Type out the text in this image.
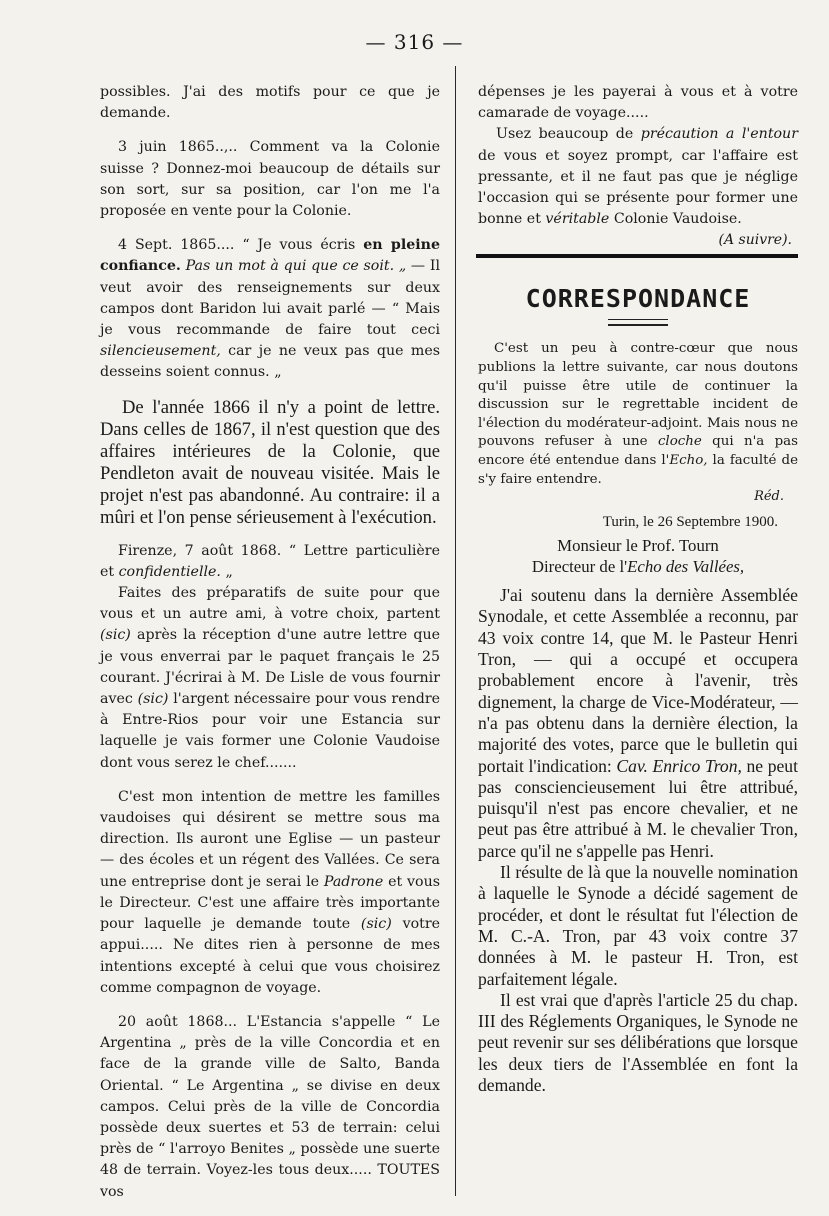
— 316 —

possibles. J'ai des motifs pour ce que je demande.

3 juin 1865..,.. Comment va la Colonie suisse ? Donnez-moi beaucoup de détails sur son sort, sur sa position, car l'on me l'a proposée en vente pour la Colonie.

4 Sept. 1865.... “ Je vous écris en pleine confiance. Pas un mot à qui que ce soit. „ — Il veut avoir des renseignements sur deux campos dont Baridon lui avait parlé — “ Mais je vous recommande de faire tout ceci silencieusement, car je ne veux pas que mes desseins soient connus. „

De l'année 1866 il n'y a point de lettre. Dans celles de 1867, il n'est question que des affaires intérieures de la Colonie, que Pendleton avait de nouveau visitée. Mais le projet n'est pas abandonné. Au contraire: il a mûri et l'on pense sérieusement à l'exécution.

Firenze, 7 août 1868. “ Lettre particulière et confidentielle. „

Faites des préparatifs de suite pour que vous et un autre ami, à votre choix, partent (sic) après la réception d'une autre lettre que je vous enverrai par le paquet français le 25 courant. J'écrirai à M. De Lisle de vous fournir avec (sic) l'argent nécessaire pour vous rendre à Entre-Rios pour voir une Estancia sur laquelle je vais former une Colonie Vaudoise dont vous serez le chef.......

C'est mon intention de mettre les familles vaudoises qui désirent se mettre sous ma direction. Ils auront une Eglise — un pasteur — des écoles et un régent des Vallées. Ce sera une entreprise dont je serai le Padrone et vous le Directeur. C'est une affaire très importante pour laquelle je demande toute (sic) votre appui..... Ne dites rien à personne de mes intentions excepté à celui que vous choisirez comme compagnon de voyage.

20 août 1868... L'Estancia s'appelle “ Le Argentina „ près de la ville Concordia et en face de la grande ville de Salto, Banda Oriental. “ Le Argentina „ se divise en deux campos. Celui près de la ville de Concordia possède deux suertes et 53 de terrain: celui près de “ l'arroyo Benites „ possède une suerte 48 de terrain. Voyez-les tous deux..... TOUTES vos

dépenses je les payerai à vous et à votre camarade de voyage.....

Usez beaucoup de précaution a l'entour de vous et soyez prompt, car l'affaire est pressante, et il ne faut pas que je néglige l'occasion qui se présente pour former une bonne et véritable Colonie Vaudoise.

(A suivre).
CORRESPONDANCE

C'est un peu à contre-cœur que nous publions la lettre suivante, car nous doutons qu'il puisse être utile de continuer la discussion sur le regrettable incident de l'élection du modérateur-adjoint. Mais nous ne pouvons refuser à une cloche qui n'a pas encore été entendue dans l'Echo, la faculté de s'y faire entendre.

Réd.
Turin, le 26 Septembre 1900.

Monsieur le Prof. Tourn

Directeur de l'Echo des Vallées,

J'ai soutenu dans la dernière Assemblée Synodale, et cette Assemblée a reconnu, par 43 voix contre 14, que M. le Pasteur Henri Tron, — qui a occupé et occupera probablement encore à l'avenir, très dignement, la charge de Vice-Modérateur, — n'a pas obtenu dans la dernière élection, la majorité des votes, parce que le bulletin qui portait l'indication: Cav. Enrico Tron, ne peut pas consciencieusement lui être attribué, puisqu'il n'est pas encore chevalier, et ne peut pas être attribué à M. le chevalier Tron, parce qu'il ne s'appelle pas Henri.

Il résulte de là que la nouvelle nomination à laquelle le Synode a décidé sagement de procéder, et dont le résultat fut l'élection de M. C.-A. Tron, par 43 voix contre 37 données à M. le pasteur H. Tron, est parfaitement légale.

Il est vrai que d'après l'article 25 du chap. III des Réglements Organiques, le Synode ne peut revenir sur ses délibérations que lorsque les deux tiers de l'Assemblée en font la demande.
